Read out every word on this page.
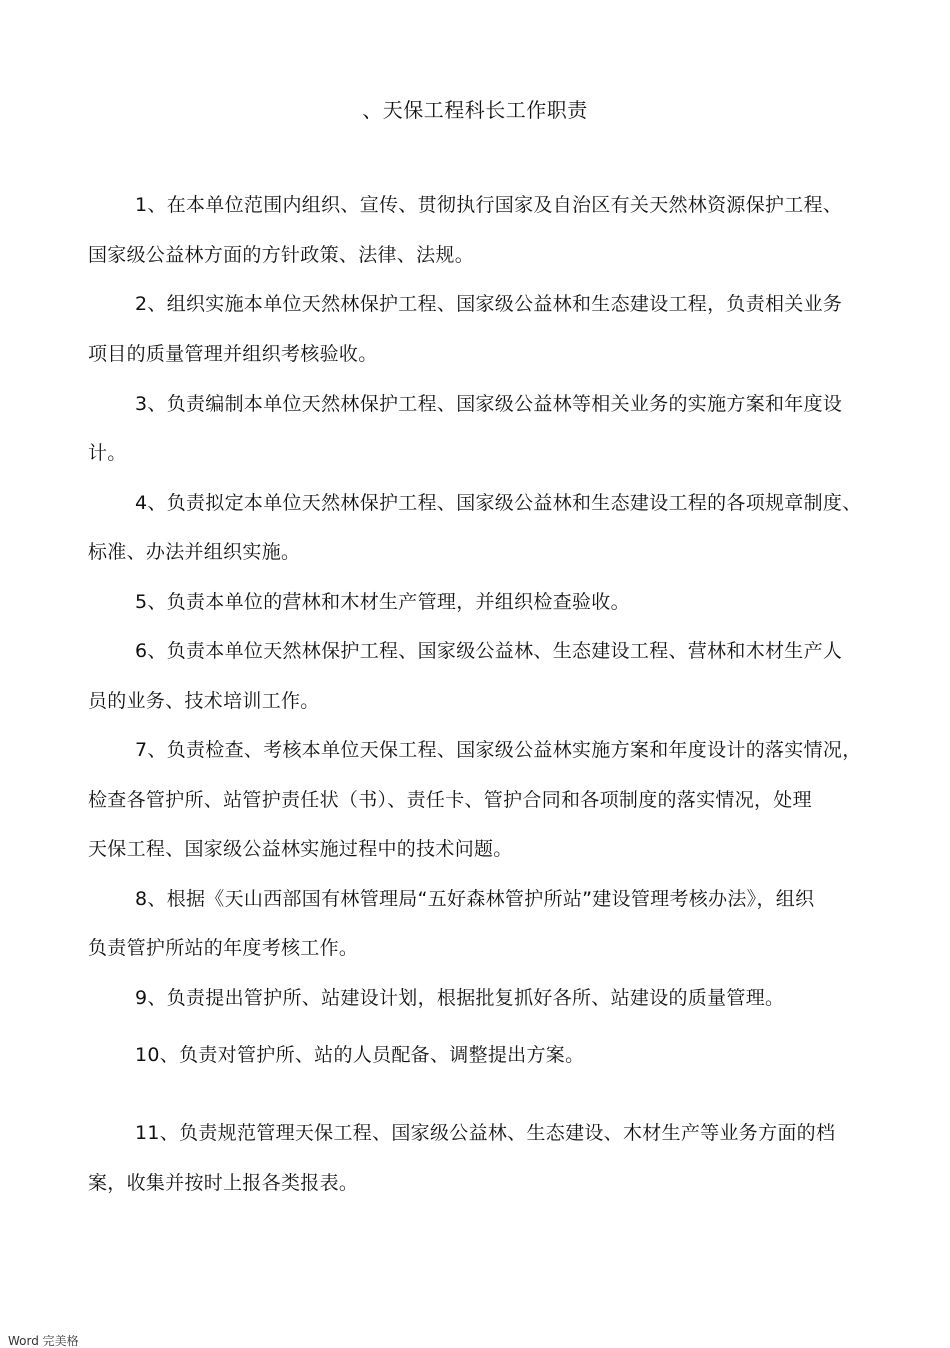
、天保工程科长工作职责
1、在本单位范围内组织、宣传、贯彻执行国家及自治区有关天然林资源保护工程、
国家级公益林方面的方针政策、法律、法规。
2、组织实施本单位天然林保护工程、国家级公益林和生态建设工程，负责相关业务
项目的质量管理并组织考核验收。
3、负责编制本单位天然林保护工程、国家级公益林等相关业务的实施方案和年度设
计。
4、负责拟定本单位天然林保护工程、国家级公益林和生态建设工程的各项规章制度、
标准、办法并组织实施。
5、负责本单位的营林和木材生产管理，并组织检查验收。
6、负责本单位天然林保护工程、国家级公益林、生态建设工程、营林和木材生产人
员的业务、技术培训工作。
7、负责检查、考核本单位天保工程、国家级公益林实施方案和年度设计的落实情况，
检查各管护所、站管护责任状（书）、责任卡、管护合同和各项制度的落实情况，处理
天保工程、国家级公益林实施过程中的技术问题。
8、根据《天山西部国有林管理局“五好森林管护所站”建设管理考核办法》，组织
负责管护所站的年度考核工作。
9、负责提出管护所、站建设计划，根据批复抓好各所、站建设的质量管理。
10、负责对管护所、站的人员配备、调整提出方案。
11、负责规范管理天保工程、国家级公益林、生态建设、木材生产等业务方面的档
案，收集并按时上报各类报表。
Word 完美格
